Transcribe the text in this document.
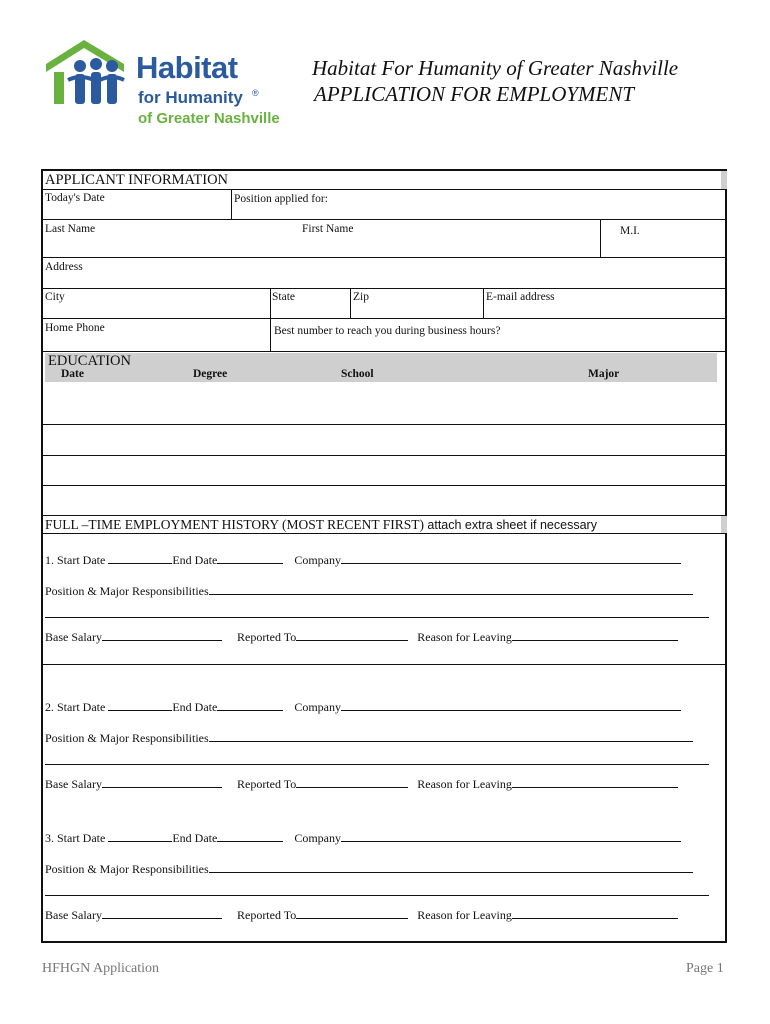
Habitat
for Humanity ®
of Greater Nashville
Habitat For Humanity of Greater Nashville
APPLICATION FOR EMPLOYMENT
APPLICANT INFORMATION
Today's Date	Position applied for:
Last Name	First Name	M.I.
Address
City	State	Zip	E-mail address
Home Phone	Best number to reach you during business hours?
EDUCATION
Date	Degree	School	Major
FULL –TIME EMPLOYMENT HISTORY (MOST RECENT FIRST) attach extra sheet if necessary
1. Start Date	End Date	Company
Position & Major Responsibilities
Base Salary	Reported To	Reason for Leaving
2. Start Date	End Date	Company
Position & Major Responsibilities
Base Salary	Reported To	Reason for Leaving
3. Start Date	End Date	Company
Position & Major Responsibilities
Base Salary	Reported To	Reason for Leaving
HFHGN Application	Page 1
